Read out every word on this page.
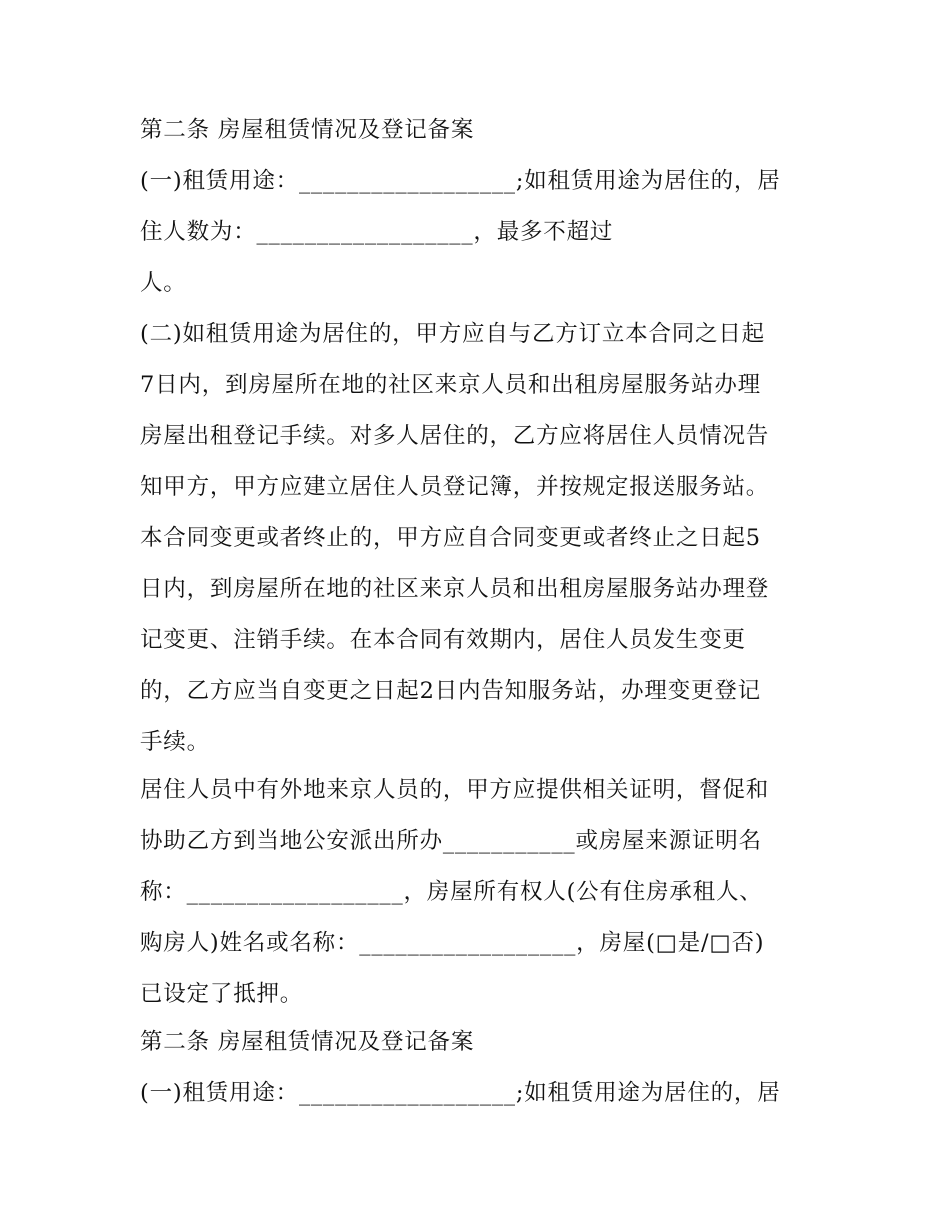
第二条 房屋租赁情况及登记备案
(一)租赁用途：__________________;如租赁用途为居住的，居
住人数为：__________________，最多不超过
人。
(二)如租赁用途为居住的，甲方应自与乙方订立本合同之日起
7日内，到房屋所在地的社区来京人员和出租房屋服务站办理
房屋出租登记手续。对多人居住的，乙方应将居住人员情况告
知甲方，甲方应建立居住人员登记簿，并按规定报送服务站。
本合同变更或者终止的，甲方应自合同变更或者终止之日起5
日内，到房屋所在地的社区来京人员和出租房屋服务站办理登
记变更、注销手续。在本合同有效期内，居住人员发生变更
的，乙方应当自变更之日起2日内告知服务站，办理变更登记
手续。
居住人员中有外地来京人员的，甲方应提供相关证明，督促和
协助乙方到当地公安派出所办___________或房屋来源证明名
称：__________________，房屋所有权人(公有住房承租人、
购房人)姓名或名称：__________________，房屋(□是/□否)
已设定了抵押。
第二条 房屋租赁情况及登记备案
(一)租赁用途：__________________;如租赁用途为居住的，居
